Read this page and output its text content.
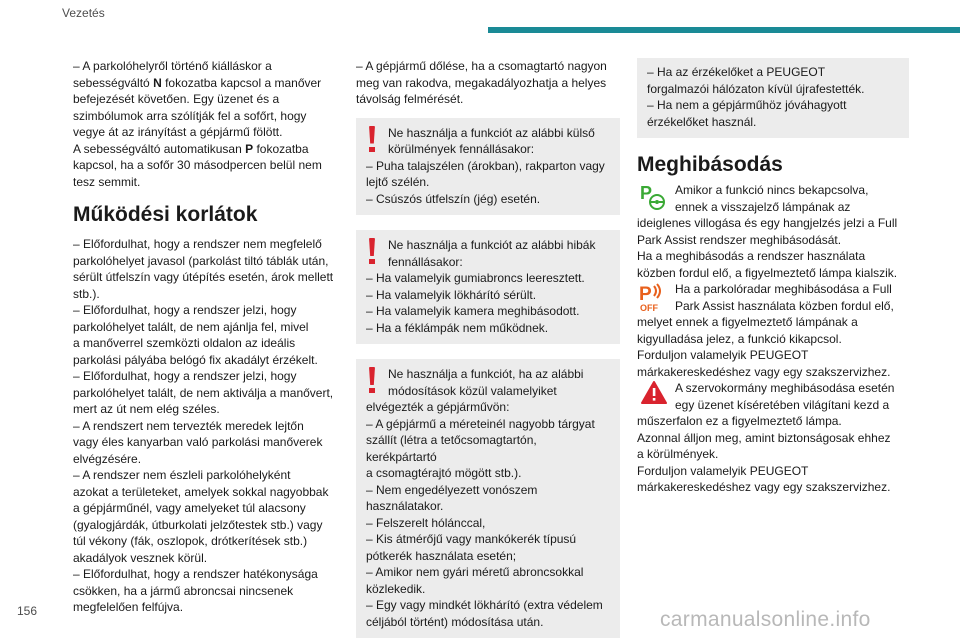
Vezetés

– A parkolóhelyről történő kiálláskor a

sebességváltó N fokozatba kapcsol a manőver

befejezését követően. Egy üzenet és a

szimbólumok arra szólítják fel a sofőrt, hogy

vegye át az irányítást a gépjármű fölött.

A sebességváltó automatikusan P fokozatba

kapcsol, ha a sofőr 30 másodpercen belül nem

tesz semmit.

Működési korlátok

– Előfordulhat, hogy a rendszer nem megfelelő

parkolóhelyet javasol (parkolást tiltó táblák után,

sérült útfelszín vagy útépítés esetén, árok mellett

stb.).

– Előfordulhat, hogy a rendszer jelzi, hogy

parkolóhelyet talált, de nem ajánlja fel, mivel

a manőverrel szemközti oldalon az ideális

parkolási pályába belógó fix akadályt érzékelt.

– Előfordulhat, hogy a rendszer jelzi, hogy

parkolóhelyet talált, de nem aktiválja a manővert,

mert az út nem elég széles.

– A rendszert nem tervezték meredek lejtőn

vagy éles kanyarban való parkolási manőverek

elvégzésére.

– A rendszer nem észleli parkolóhelyként

azokat a területeket, amelyek sokkal nagyobbak

a gépjárműnél, vagy amelyeket túl alacsony

(gyalogjárdák, útburkolati jelzőtestek stb.) vagy

túl vékony (fák, oszlopok, drótkerítések stb.)

akadályok vesznek körül.

– Előfordulhat, hogy a rendszer hatékonysága

csökken, ha a jármű abroncsai nincsenek

megfelelően felfújva.

– A gépjármű dőlése, ha a csomagtartó nagyon

meg van rakodva, megakadályozhatja a helyes

távolság felmérését.

Ne használja a funkciót az alábbi külső

körülmények fennállásakor:

– Puha talajszélen (árokban), rakparton vagy

lejtő szélén.

– Csúszós útfelszín (jég) esetén.

Ne használja a funkciót az alábbi hibák

fennállásakor:

– Ha valamelyik gumiabroncs leeresztett.

– Ha valamelyik lökhárító sérült.

– Ha valamelyik kamera meghibásodott.

– Ha a féklámpák nem működnek.

Ne használja a funkciót, ha az alábbi

módosítások közül valamelyiket

elvégezték a gépjárművön:

– A gépjármű a méreteinél nagyobb tárgyat

szállít (létra a tetőcsomagtartón, kerékpártartó

a csomagtérajtó mögött stb.).

– Nem engedélyezett vonószem

használatakor.

– Felszerelt hólánccal,

– Kis átmérőjű vagy mankókerék típusú

pótkerék használata esetén;

– Amikor nem gyári méretű abroncsokkal

közlekedik.

– Egy vagy mindkét lökhárító (extra védelem

céljából történt) módosítása után.

– Ha az érzékelőket a PEUGEOT

forgalmazói hálózaton kívül újrafestették.

– Ha nem a gépjárműhöz jóváhagyott

érzékelőket használ.

Meghibásodás
P Amikor a funkció nincs bekapcsolva,

ennek a visszajelző lámpának az

ideiglenes villogása és egy hangjelzés jelzi a Full

Park Assist rendszer meghibásodását.

Ha a meghibásodás a rendszer használata

közben fordul elő, a figyelmeztető lámpa kialszik.

P
OFF

Ha a parkolóradar meghibásodása a Full

Park Assist használata közben fordul elő,

melyet ennek a figyelmeztető lámpának a

kigyulladása jelez, a funkció kikapcsol.

Forduljon valamelyik PEUGEOT

márkakereskedéshez vagy egy szakszervizhez.

A szervokormány meghibásodása esetén

egy üzenet kíséretében világítani kezd a

műszerfalon ez a figyelmeztető lámpa.

Azonnal álljon meg, amint biztonságosak ehhez

a körülmények.

Forduljon valamelyik PEUGEOT

márkakereskedéshez vagy egy szakszervizhez.

156	carmanualsonline.info
